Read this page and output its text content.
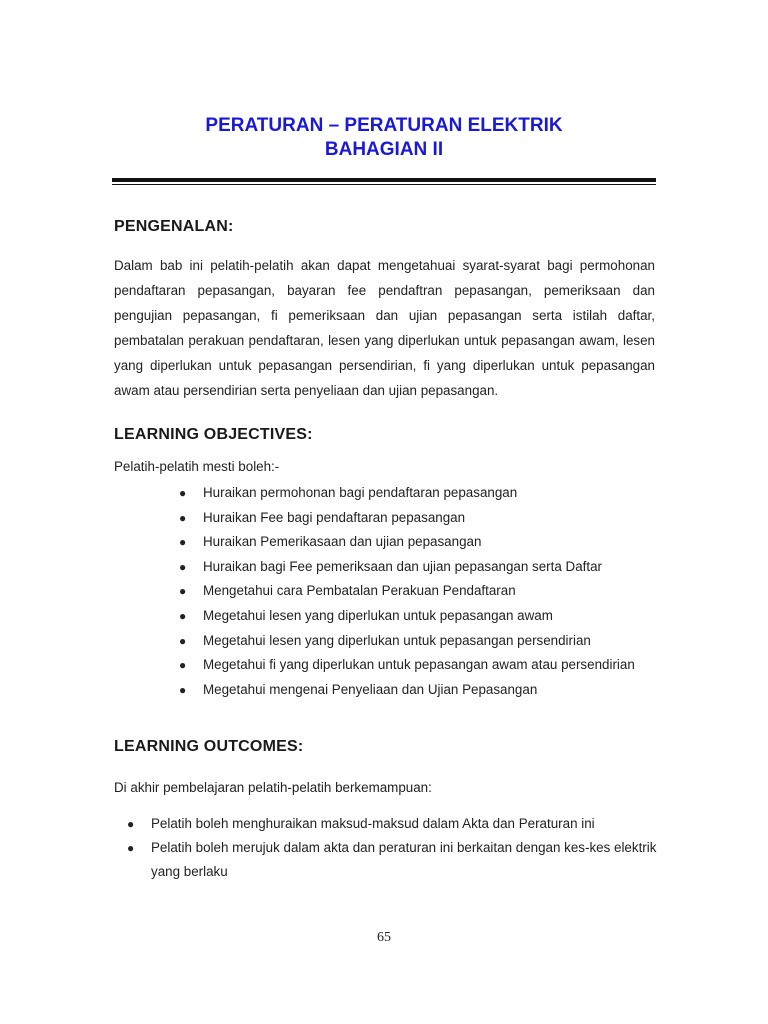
PERATURAN – PERATURAN ELEKTRIK
BAHAGIAN II
PENGENALAN:

Dalam bab ini pelatih-pelatih akan dapat mengetahuai syarat-syarat bagi permohonan pendaftaran pepasangan, bayaran fee pendaftran pepasangan, pemeriksaan dan pengujian pepasangan, fi pemeriksaan dan ujian pepasangan serta istilah daftar, pembatalan perakuan pendaftaran, lesen yang diperlukan untuk pepasangan awam, lesen yang diperlukan untuk pepasangan persendirian, fi yang diperlukan untuk pepasangan awam atau persendirian serta penyeliaan dan ujian pepasangan.

LEARNING OBJECTIVES:

Pelatih-pelatih mesti boleh:-

● Huraikan permohonan bagi pendaftaran pepasangan
● Huraikan Fee bagi pendaftaran pepasangan
● Huraikan Pemerikasaan dan ujian pepasangan
● Huraikan bagi Fee pemeriksaan dan ujian pepasangan serta Daftar
● Mengetahui cara Pembatalan Perakuan Pendaftaran
● Megetahui lesen yang diperlukan untuk pepasangan awam
● Megetahui lesen yang diperlukan untuk pepasangan persendirian
● Megetahui fi yang diperlukan untuk pepasangan awam atau persendirian
● Megetahui mengenai Penyeliaan dan Ujian Pepasangan
LEARNING OUTCOMES:

Di akhir pembelajaran pelatih-pelatih berkemampuan:

● Pelatih boleh menghuraikan maksud-maksud dalam Akta dan Peraturan ini
● Pelatih boleh merujuk dalam akta dan peraturan ini berkaitan dengan kes-kes elektrik yang berlaku
65
